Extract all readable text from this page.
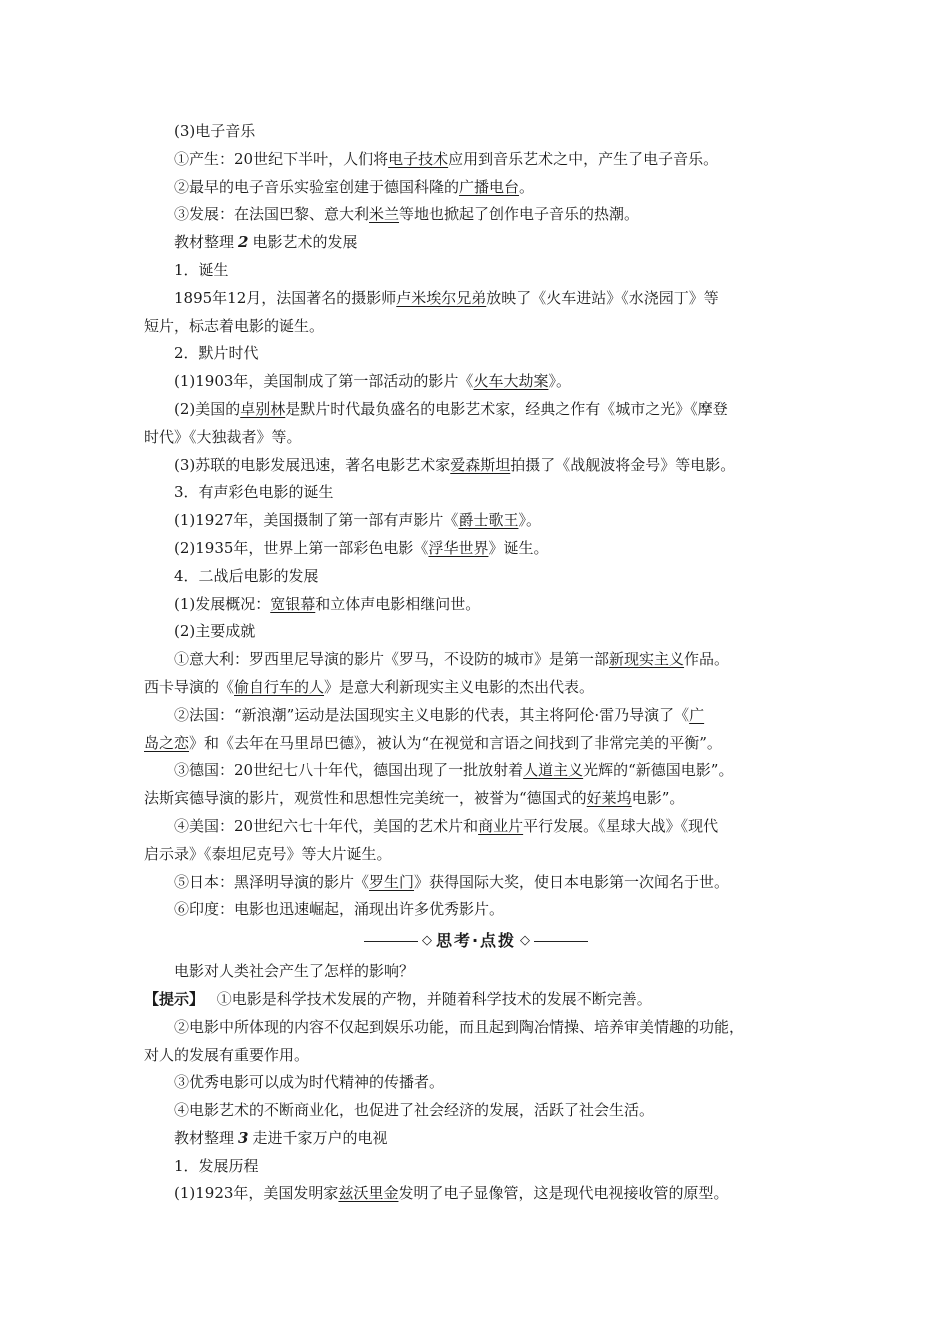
(3)电子音乐
①产生：20世纪下半叶，人们将电子技术应用到音乐艺术之中，产生了电子音乐。
②最早的电子音乐实验室创建于德国科隆的广播电台。
③发展：在法国巴黎、意大利米兰等地也掀起了创作电子音乐的热潮。
教材整理 2 电影艺术的发展
1．诞生
1895年12月，法国著名的摄影师卢米埃尔兄弟放映了《火车进站》《水浇园丁》等
短片，标志着电影的诞生。
2．默片时代
(1)1903年，美国制成了第一部活动的影片《火车大劫案》。
(2)美国的卓别林是默片时代最负盛名的电影艺术家，经典之作有《城市之光》《摩登
时代》《大独裁者》等。
(3)苏联的电影发展迅速，著名电影艺术家爱森斯坦拍摄了《战舰波将金号》等电影。
3．有声彩色电影的诞生
(1)1927年，美国摄制了第一部有声影片《爵士歌王》。
(2)1935年，世界上第一部彩色电影《浮华世界》诞生。
4．二战后电影的发展
(1)发展概况：宽银幕和立体声电影相继问世。
(2)主要成就
①意大利：罗西里尼导演的影片《罗马，不设防的城市》是第一部新现实主义作品。
西卡导演的《偷自行车的人》是意大利新现实主义电影的杰出代表。
②法国：“新浪潮”运动是法国现实主义电影的代表，其主将阿伦·雷乃导演了《广
岛之恋》和《去年在马里昂巴德》，被认为“在视觉和言语之间找到了非常完美的平衡”。
③德国：20世纪七八十年代，德国出现了一批放射着人道主义光辉的“新德国电影”。
法斯宾德导演的影片，观赏性和思想性完美统一，被誉为“德国式的好莱坞电影”。
④美国：20世纪六七十年代，美国的艺术片和商业片平行发展。《星球大战》《现代
启示录》《泰坦尼克号》等大片诞生。
⑤日本：黑泽明导演的影片《罗生门》获得国际大奖，使日本电影第一次闻名于世。
⑥印度：电影也迅速崛起，涌现出许多优秀影片。
◇ 思考·点拨 ◇
电影对人类社会产生了怎样的影响？
【提示】 ①电影是科学技术发展的产物，并随着科学技术的发展不断完善。
②电影中所体现的内容不仅起到娱乐功能，而且起到陶冶情操、培养审美情趣的功能，
对人的发展有重要作用。
③优秀电影可以成为时代精神的传播者。
④电影艺术的不断商业化，也促进了社会经济的发展，活跃了社会生活。
教材整理 3 走进千家万户的电视
1．发展历程
(1)1923年，美国发明家兹沃里金发明了电子显像管，这是现代电视接收管的原型。
